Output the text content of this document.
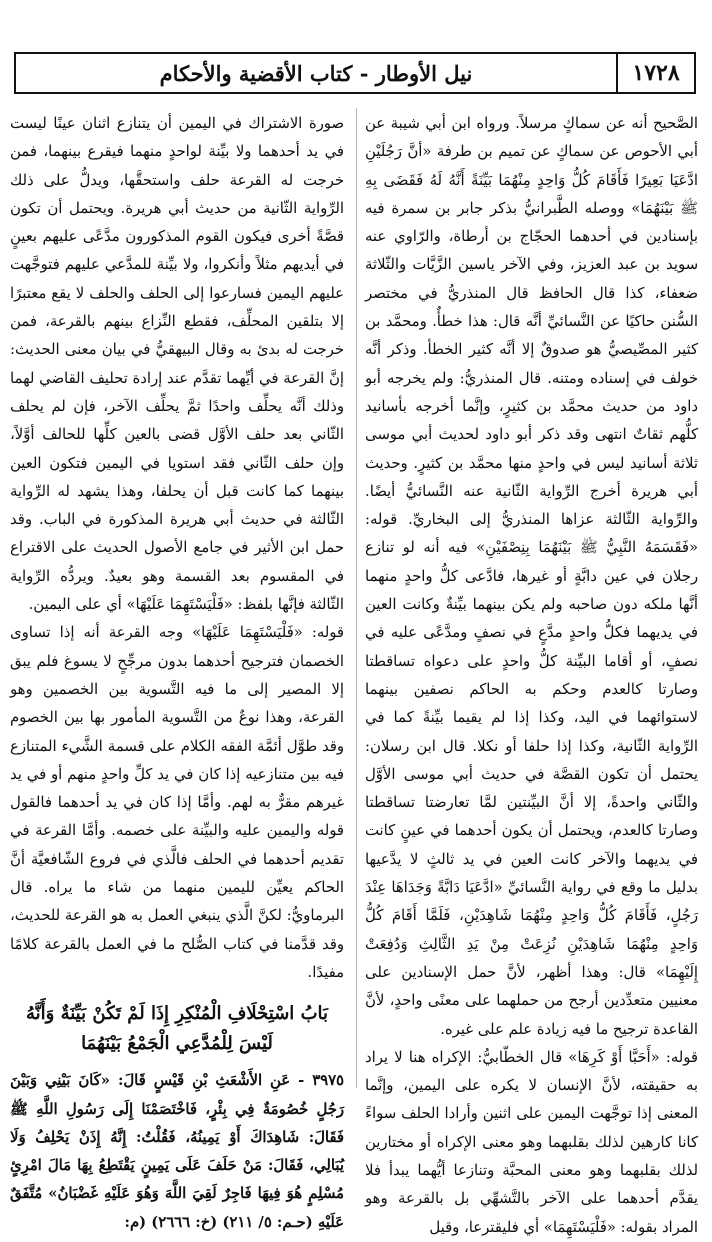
١٧٢٨
نيل الأوطار - كتاب الأقضية والأحكام

الصَّحيح أنه عن سماكٍ مرسلاً. ورواه ابن أبي شيبة عن أبي الأحوص عن سماكٍ عن تميم بن طرفة «أنَّ رَجُلَيْنِ ادَّعَيَا بَعِيرًا فَأَقَامَ كُلُّ وَاحِدٍ مِنْهُمَا بَيِّنَةً أَنَّهُ لَهُ فَقَضَى بِهِ ﷺ بَيْنَهُمَا» ووصله الطَّبرانيُّ بذكر جابر بن سمرة فيه بإسنادين في أحدهما الحجّاج بن أرطاة، والرّاوي عنه سويد بن عبد العزيز، وفي الآخر ياسين الزَّيَّات والثّلاثة ضعفاء، كذا قال الحافظ قال المنذريُّ في مختصر السُّنن حاكيًا عن النَّسائيِّ أنَّه قال: هذا خطأٌ. ومحمَّد بن كثير المصِّيصيُّ هو صدوقٌ إلا أنَّه كثير الخطأ. وذكر أنَّه خولف في إسناده ومتنه. قال المنذريُّ: ولم يخرجه أبو داود من حديث محمَّد بن كثيرٍ، وإنَّما أخرجه بأسانيد كلُّهم ثقاتٌ انتهى وقد ذكر أبو داود لحديث أبي موسى ثلاثة أسانيد ليس في واحدٍ منها محمَّد بن كثيرٍ. وحديث أبي هريرة أخرج الرِّواية الثّانية عنه النَّسائيُّ أيضًا. والرِّواية الثّالثة عزاها المنذريُّ إلى البخاريِّ. قوله: «فَقَسَمَهُ النَّبِيُّ ﷺ بَيْنَهُمَا بِنِصْفَيْنِ» فيه أنه لو تنازع رجلان في عين دابَّةٍ أو غيرها، فادَّعى كلُّ واحدٍ منهما أنَّها ملكه دون صاحبه ولم يكن بينهما بيِّنةٌ وكانت العين في يديهما فكلُّ واحدٍ مدَّعٍ في نصفٍ ومدَّعًى عليه في نصفٍ، أو أقاما البيِّنة كلُّ واحدٍ على دعواه تساقطتا وصارتا كالعدم وحكم به الحاكم نصفين بينهما لاستوائهما في اليد، وكذا إذا لم يقيما بيِّنةً كما في الرِّواية الثّانية، وكذا إذا حلفا أو نكلا. قال ابن رسلان: يحتمل أن تكون القصَّة في حديث أبي موسى الأوَّل والثّاني واحدةً، إلا أنَّ البيِّنتين لمَّا تعارضتا تساقطتا وصارتا كالعدم، ويحتمل أن يكون أحدهما في عينٍ كانت في يديهما والآخر كانت العين في يد ثالثٍ لا يدَّعيها بدليل ما وقع في رواية النَّسائيِّ «ادَّعَيَا دَابَّةً وَجَدَاهَا عِنْدَ رَجُلٍ، فَأَقَامَ كُلُّ وَاحِدٍ مِنْهُمَا شَاهِدَيْنِ، فَلَمَّا أَقَامَ كُلُّ وَاحِدٍ مِنْهُمَا شَاهِدَيْنِ نُزِعَتْ مِنْ يَدِ الثَّالِثِ وَدُفِعَتْ إِلَيْهِمَا» قال: وهذا أظهر، لأنَّ حمل الإسنادين على معنيين متعدِّدين أرجح من حملهما على معنًى واحدٍ، لأنَّ القاعدة ترجيح ما فيه زيادة علم على غيره.

قوله: «أَحَبَّا أَوْ كَرِهَا» قال الخطّابيُّ: الإكراه هنا لا يراد به حقيقته، لأنَّ الإنسان لا يكره على اليمين، وإنَّما المعنى إذا توجَّهت اليمين على اثنين وأرادا الحلف سواءً كانا كارهين لذلك بقلبهما وهو معنى الإكراه أو مختارين لذلك بقلبهما وهو معنى المحبَّة وتنازعا أيُّهما يبدأ فلا يقدَّم أحدهما على الآخر بالتَّشهِّي بل بالقرعة وهو المراد بقوله: «فَلْيَسْتَهِمَا» أي فليقترعا، وقيل

صورة الاشتراك في اليمين أن يتنازع اثنان عينًا ليست في يد أحدهما ولا بيِّنة لواحدٍ منهما فيقرع بينهما، فمن خرجت له القرعة حلف واستحقَّها، ويدلُّ على ذلك الرِّواية الثّانية من حديث أبي هريرة. ويحتمل أن تكون قصَّةً أخرى فيكون القوم المذكورون مدَّعًى عليهم بعينٍ في أيديهم مثلاً وأنكروا، ولا بيِّنة للمدَّعي عليهم فتوجَّهت عليهم اليمين فسارعوا إلى الحلف والحلف لا يقع معتبرًا إلا بتلقين المحلِّف، فقطع النِّزاع بينهم بالقرعة، فمن خرجت له بدئ به وقال البيهقيُّ في بيان معنى الحديث: إنَّ القرعة في أيِّهما تقدَّم عند إرادة تحليف القاضي لهما وذلك أنَّه يحلِّف واحدًا ثمَّ يحلِّف الآخر، فإن لم يحلف الثّاني بعد حلف الأوَّل قضى بالعين كلِّها للحالف أوَّلاً، وإن حلف الثّاني فقد استويا في اليمين فتكون العين بينهما كما كانت قبل أن يحلفا، وهذا يشهد له الرِّواية الثّالثة في حديث أبي هريرة المذكورة في الباب. وقد حمل ابن الأثير في جامع الأصول الحديث على الاقتراع في المقسوم بعد القسمة وهو بعيدٌ. ويردُّه الرِّواية الثّالثة فإنَّها بلفظ: «فَلْيَسْتَهِمَا عَلَيْهَا» أي على اليمين.

قوله: «فَلْيَسْتَهِمَا عَلَيْهَا» وجه القرعة أنه إذا تساوى الخصمان فترجيح أحدهما بدون مرجِّحٍ لا يسوغ فلم يبق إلا المصير إلى ما فيه التَّسوية بين الخصمين وهو القرعة، وهذا نوعٌ من التَّسوية المأمور بها بين الخصوم وقد طوَّل أئمَّة الفقه الكلام على قسمة الشَّيء المتنازع فيه بين متنازعيه إذا كان في يد كلِّ واحدٍ منهم أو في يد غيرهم مقرٌّ به لهم. وأمَّا إذا كان في يد أحدهما فالقول قوله واليمين عليه والبيِّنة على خصمه. وأمَّا القرعة في تقديم أحدهما في الحلف فالَّذي في فروع الشّافعيَّة أنَّ الحاكم يعيِّن لليمين منهما من شاء ما يراه. قال البرماويُّ: لكنَّ الَّذي ينبغي العمل به هو القرعة للحديث، وقد قدَّمنا في كتاب الصُّلح ما في العمل بالقرعة كلامًا مفيدًا.

بَابُ اسْتِحْلَافِ الْمُنْكِرِ إِذَا لَمْ تَكُنْ بَيِّنَةٌ وَأَنَّهُ لَيْسَ لِلْمُدَّعِي الْجَمْعُ بَيْنَهُمَا

٣٩٧٥ - عَنِ الأَشْعَثِ بْنِ قَيْسٍ قَالَ: «كَانَ بَيْنِي وَبَيْنَ رَجُلٍ خُصُومَةٌ فِي بِئْرٍ، فَاخْتَصَمْنَا إِلَى رَسُولِ اللَّهِ ﷺ فَقَالَ: شَاهِدَاكَ أَوْ يَمِينُهُ، فَقُلْتُ: إِنَّهُ إِذَنْ يَحْلِفُ وَلَا يُبَالِي، فَقَالَ: مَنْ حَلَفَ عَلَى يَمِينٍ يَقْتَطِعُ بِهَا مَالَ امْرِئٍ مُسْلِمٍ هُوَ فِيهَا فَاجِرٌ لَقِيَ اللَّهَ وَهُوَ عَلَيْهِ غَضْبَانُ» مُتَّفَقٌ عَلَيْهِ (حـم: ٥/ ٢١١) (خ: ٢٦٦٦) (م:
